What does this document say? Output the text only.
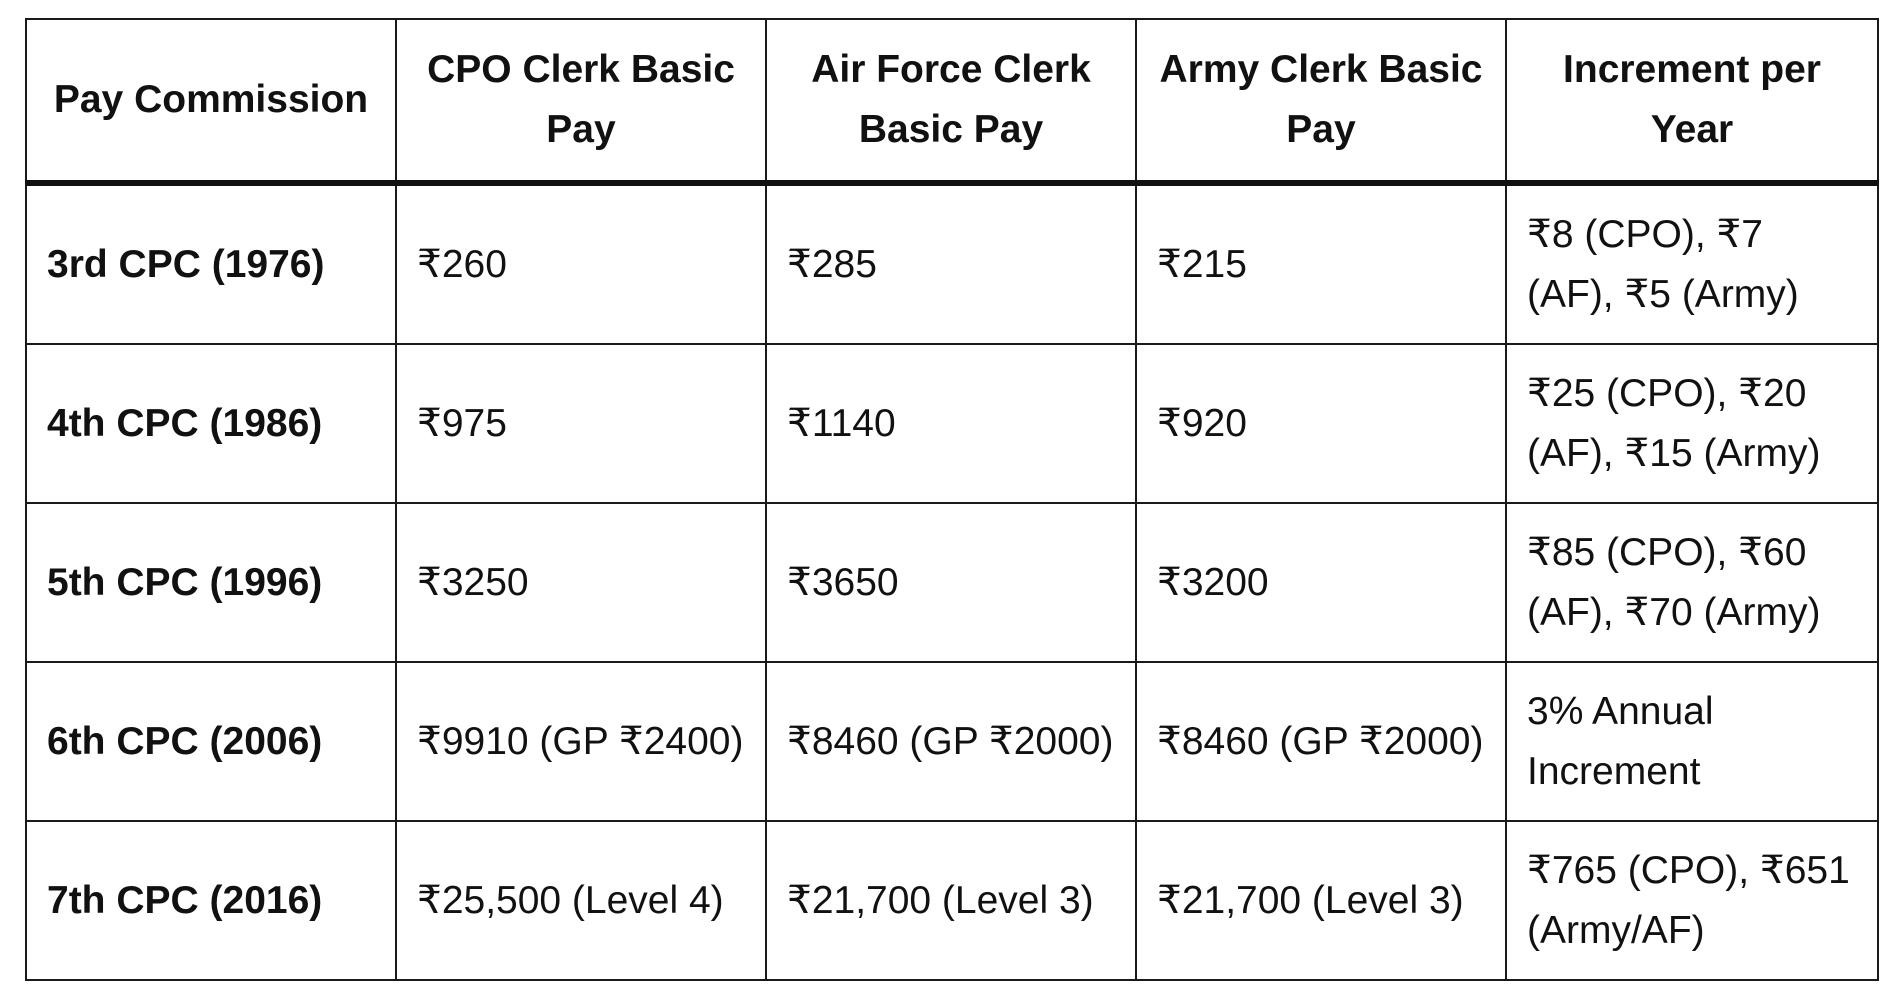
Pay Commission	CPO Clerk Basic Pay	Air Force Clerk Basic Pay	Army Clerk Basic Pay	Increment per Year
3rd CPC (1976)	₹260	₹285	₹215	₹8 (CPO), ₹7 (AF), ₹5 (Army)
4th CPC (1986)	₹975	₹1140	₹920	₹25 (CPO), ₹20 (AF), ₹15 (Army)
5th CPC (1996)	₹3250	₹3650	₹3200	₹85 (CPO), ₹60 (AF), ₹70 (Army)
6th CPC (2006)	₹9910 (GP ₹2400)	₹8460 (GP ₹2000)	₹8460 (GP ₹2000)	3% Annual Increment
7th CPC (2016)	₹25,500 (Level 4)	₹21,700 (Level 3)	₹21,700 (Level 3)	₹765 (CPO), ₹651 (Army/AF)
